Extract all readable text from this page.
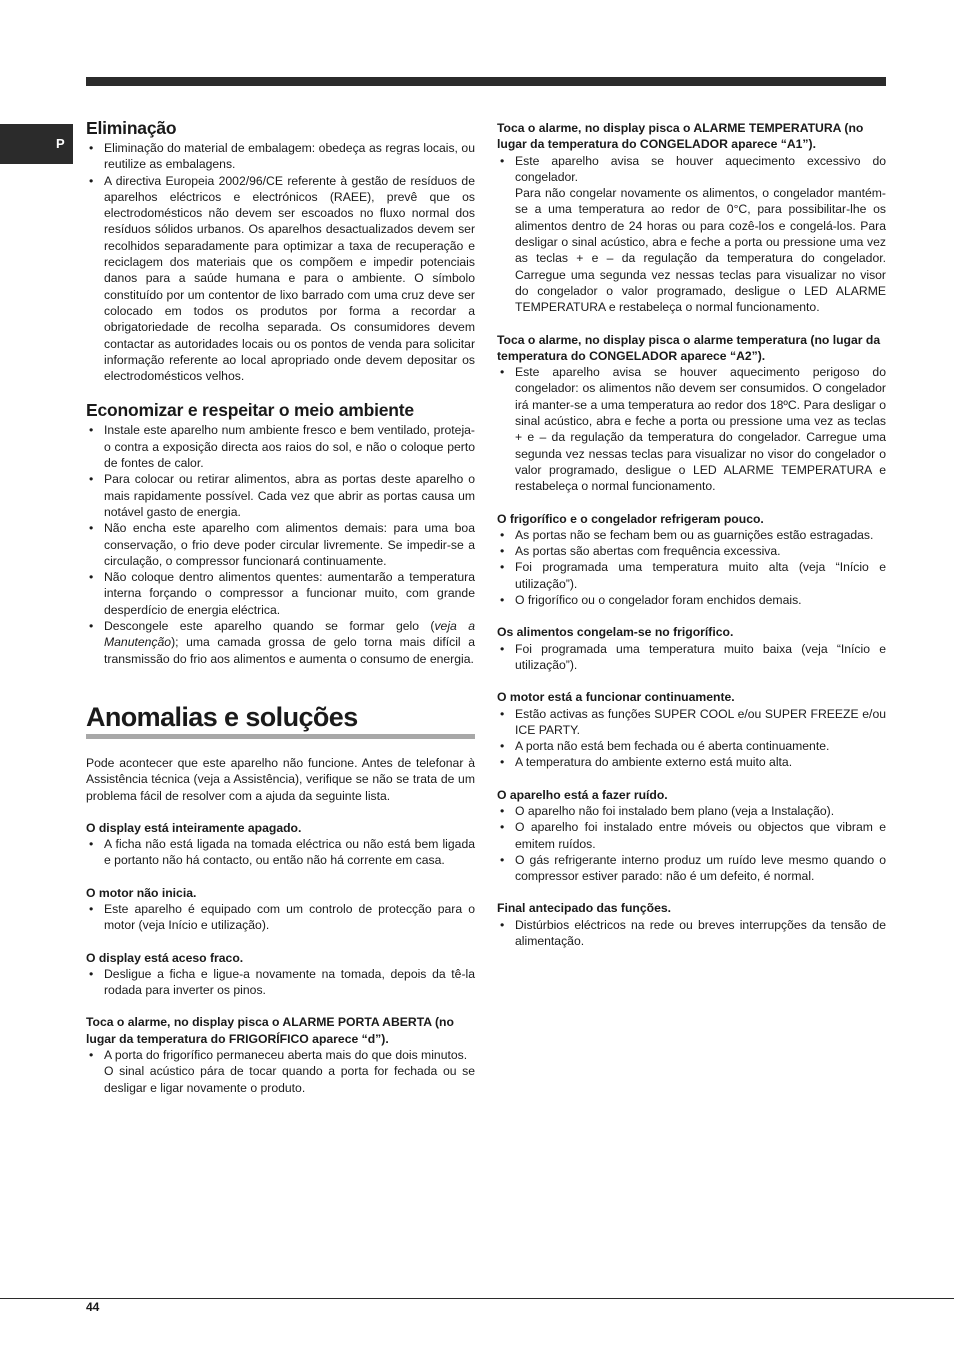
P
Eliminação
• Eliminação do material de embalagem: obedeça as regras locais, ou reutilize as embalagens.
• A directiva Europeia 2002/96/CE referente à gestão de resíduos de aparelhos eléctricos e electrónicos (RAEE), prevê que os electrodomésticos não devem ser escoados no fluxo normal dos resíduos sólidos urbanos. Os aparelhos desactualizados devem ser recolhidos separadamente para optimizar a taxa de recuperação e reciclagem dos materiais que os compõem e impedir potenciais danos para a saúde humana e para o ambiente. O símbolo constituído por um contentor de lixo barrado com uma cruz deve ser colocado em todos os produtos por forma a recordar a obrigatoriedade de recolha separada. Os consumidores devem contactar as autoridades locais ou os pontos de venda para solicitar informação referente ao local apropriado onde devem depositar os electrodomésticos velhos.
Economizar e respeitar o meio ambiente
• Instale este aparelho num ambiente fresco e bem ventilado, proteja-o contra a exposição directa aos raios do sol, e não o coloque perto de fontes de calor.
• Para colocar ou retirar alimentos, abra as portas deste aparelho o mais rapidamente possível. Cada vez que abrir as portas causa um notável gasto de energia.
• Não encha este aparelho com alimentos demais: para uma boa conservação, o frio deve poder circular livremente. Se impedir-se a circulação, o compressor funcionará continuamente.
• Não coloque dentro alimentos quentes: aumentarão a temperatura interna forçando o compressor a funcionar muito, com grande desperdício de energia eléctrica.
• Descongele este aparelho quando se formar gelo (veja a Manutenção); uma camada grossa de gelo torna mais difícil a transmissão do frio aos alimentos e aumenta o consumo de energia.
Anomalias e soluções

Pode acontecer que este aparelho não funcione. Antes de telefonar à Assistência técnica (veja a Assistência), verifique se não se trata de um problema fácil de resolver com a ajuda da seguinte lista.

O display está inteiramente apagado.

• A ficha não está ligada na tomada eléctrica ou não está bem ligada e portanto não há contacto, ou então não há corrente em casa.

O motor não inicia.

• Este aparelho é equipado com um controlo de protecção para o motor (veja Início e utilização).

O display está aceso fraco.

• Desligue a ficha e ligue-a novamente na tomada, depois da tê-la rodada para inverter os pinos.

Toca o alarme, no display pisca o ALARME PORTA ABERTA (no lugar da temperatura do FRIGORÍFICO aparece “d”).

• A porta do frigorífico permaneceu aberta mais do que dois minutos.
O sinal acústico pára de tocar quando a porta for fechada ou se desligar e ligar novamente o produto.

Toca o alarme, no display pisca o ALARME TEMPERATURA (no lugar da temperatura do CONGELADOR aparece “A1”).

• Este aparelho avisa se houver aquecimento excessivo do congelador.
Para não congelar novamente os alimentos, o congelador mantém-se a uma temperatura ao redor de 0°C, para possibilitar-lhe os alimentos dentro de 24 horas ou para cozê-los e congelá-los. Para desligar o sinal acústico, abra e feche a porta ou pressione uma vez as teclas + e – da regulação da temperatura do congelador. Carregue uma segunda vez nessas teclas para visualizar no visor do congelador o valor programado, desligue o LED ALARME TEMPERATURA e restabeleça o normal funcionamento.

Toca o alarme, no display pisca o alarme temperatura (no lugar da temperatura do CONGELADOR aparece “A2”).

• Este aparelho avisa se houver aquecimento perigoso do congelador: os alimentos não devem ser consumidos. O congelador irá manter-se a uma temperatura ao redor dos 18ºC. Para desligar o sinal acústico, abra e feche a porta ou pressione uma vez as teclas + e – da regulação da temperatura do congelador. Carregue uma segunda vez nessas teclas para visualizar no visor do congelador o valor programado, desligue o LED ALARME TEMPERATURA e restabeleça o normal funcionamento.

O frigorífico e o congelador refrigeram pouco.

• As portas não se fecham bem ou as guarnições estão estragadas.
• As portas são abertas com frequência excessiva.
• Foi programada uma temperatura muito alta (veja “Início e utilização”).
• O frigorífico ou o congelador foram enchidos demais.

Os alimentos congelam-se no frigorífico.

• Foi programada uma temperatura muito baixa (veja “Início e utilização”).

O motor está a funcionar continuamente.

• Estão activas as funções SUPER COOL e/ou SUPER FREEZE e/ou ICE PARTY.
• A porta não está bem fechada ou é aberta continuamente.
• A temperatura do ambiente externo está muito alta.

O aparelho está a fazer ruído.

• O aparelho não foi instalado bem plano (veja a Instalação).
• O aparelho foi instalado entre móveis ou objectos que vibram e emitem ruídos.
• O gás refrigerante interno produz um ruído leve mesmo quando o compressor estiver parado: não é um defeito, é normal.

Final antecipado das funções.

• Distúrbios eléctricos na rede ou breves interrupções da tensão de alimentação.
44
